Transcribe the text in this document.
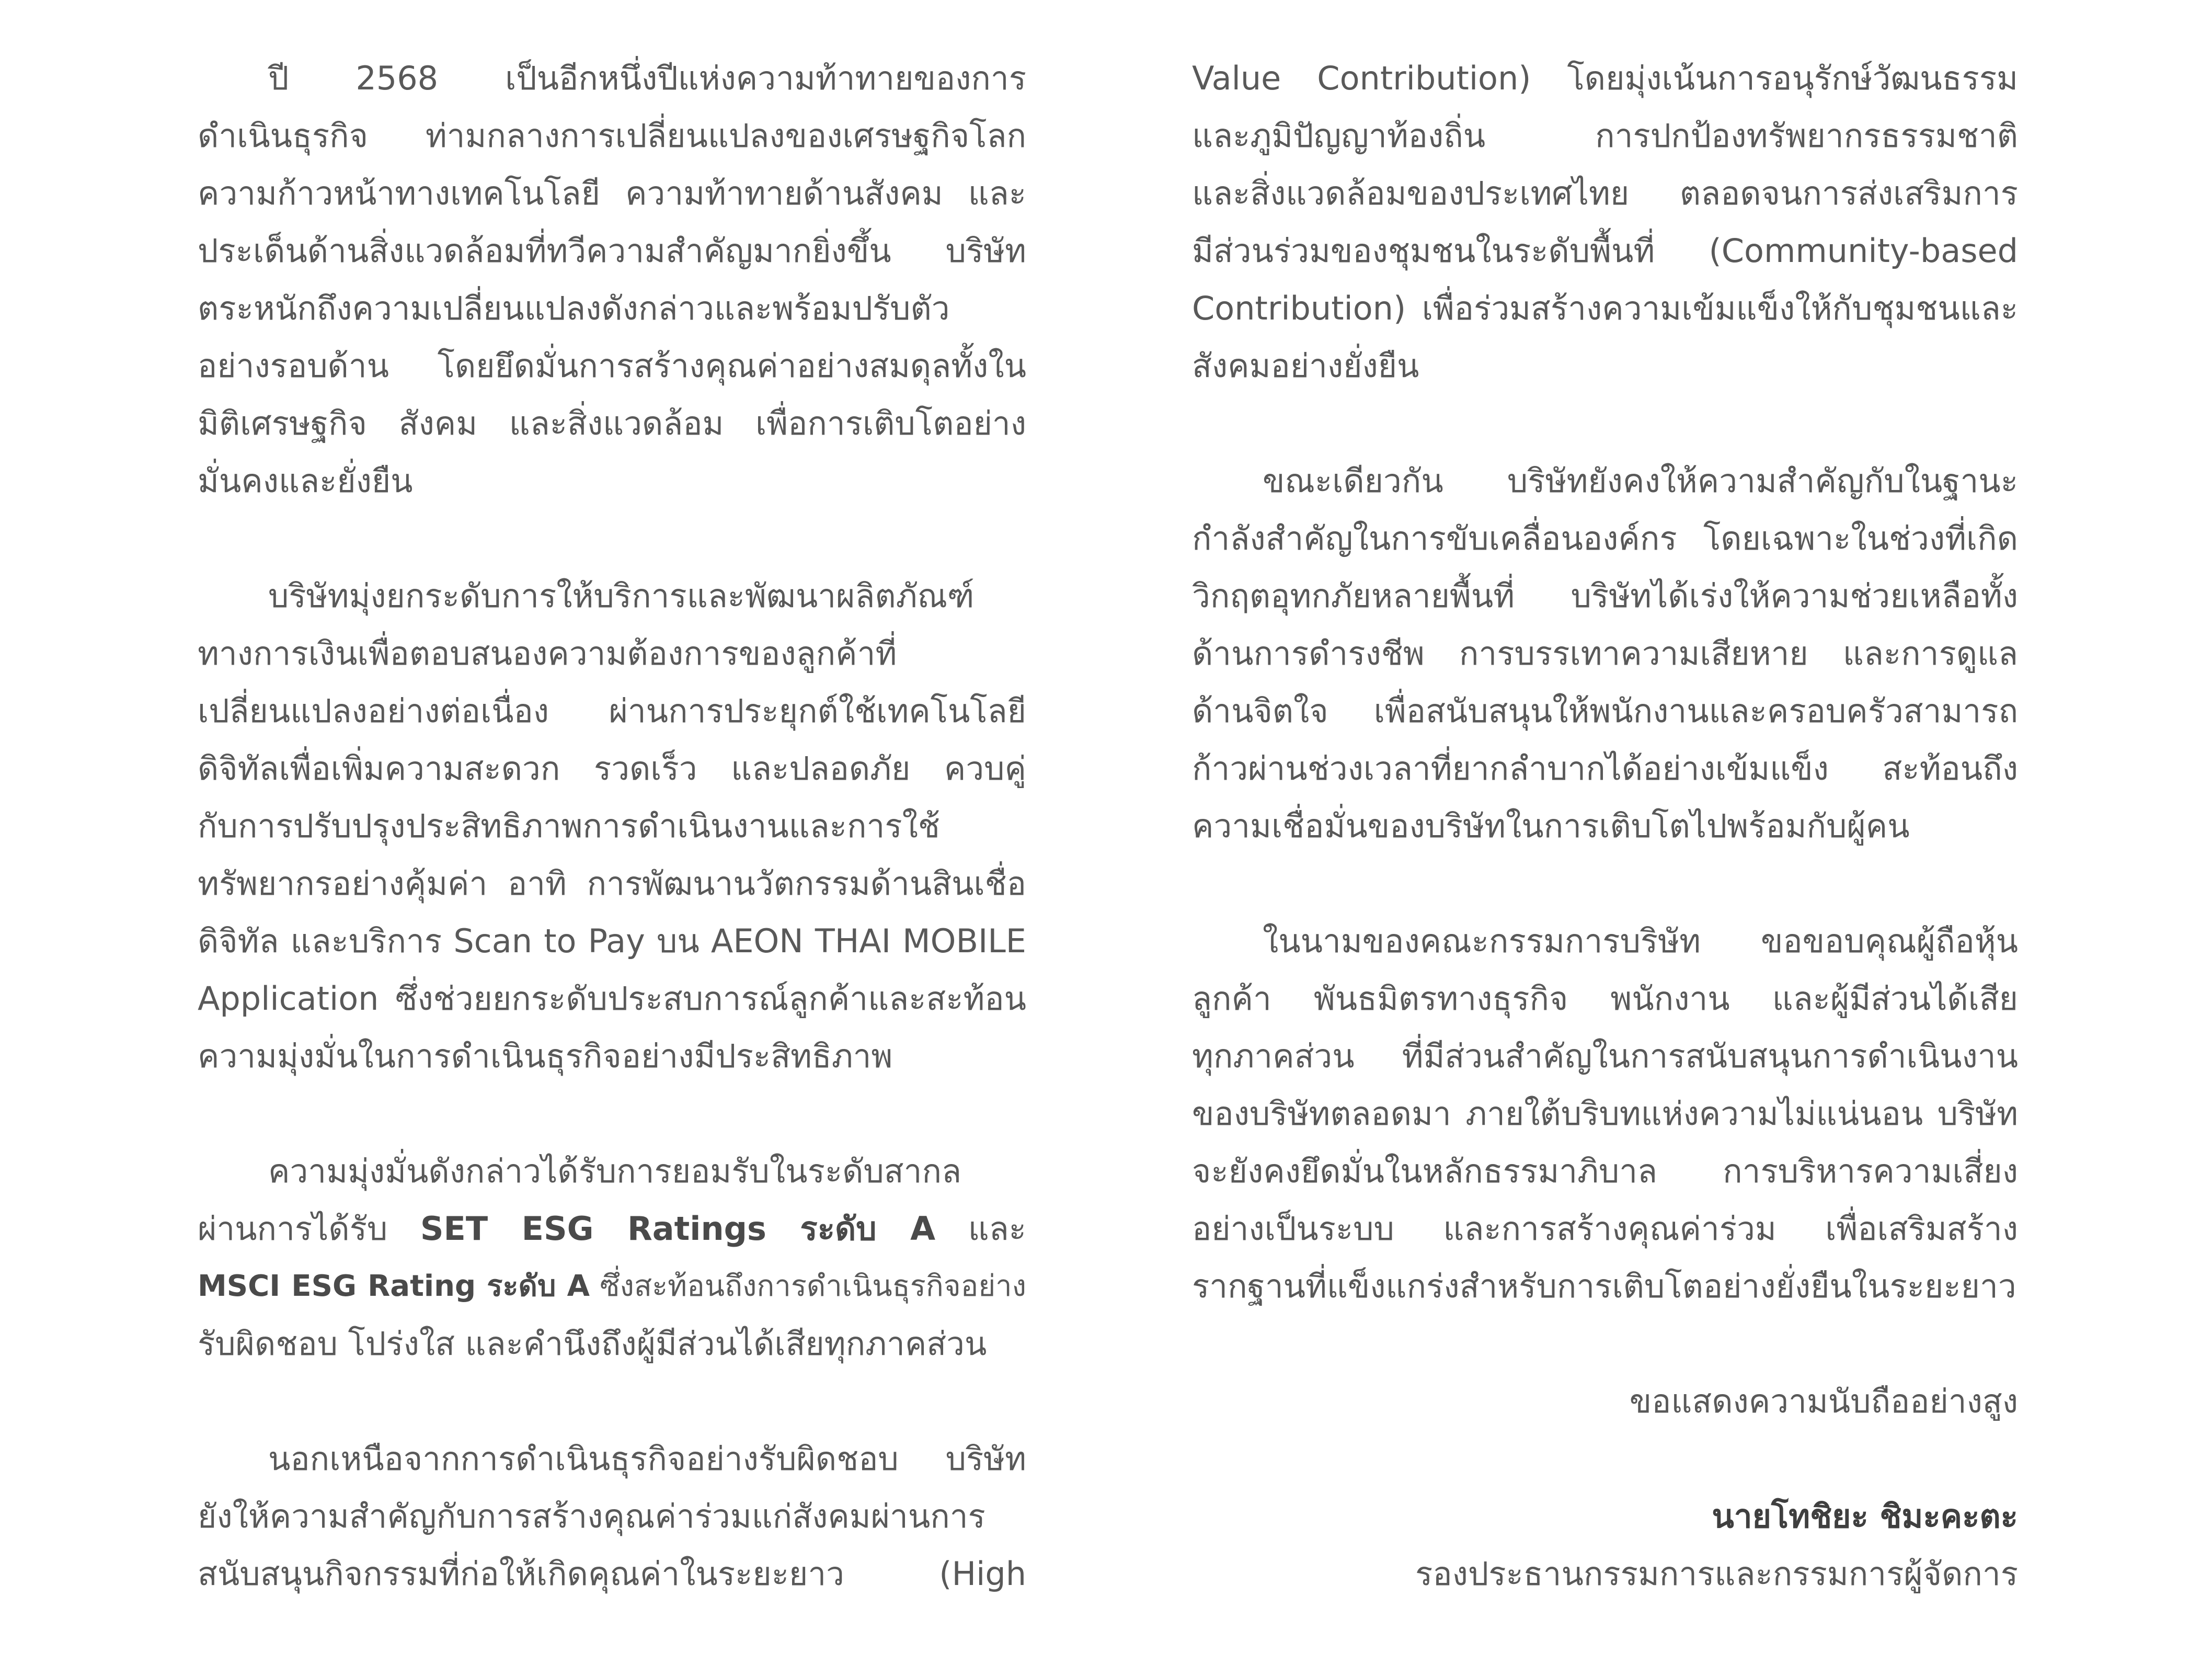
ปี 2568 เป็นอีกหนึ่งปีแห่งความท้าทายของการ
ดำเนินธุรกิจ ท่ามกลางการเปลี่ยนแปลงของเศรษฐกิจโลก
ความก้าวหน้าทางเทคโนโลยี ความท้าทายด้านสังคม และ
ประเด็นด้านสิ่งแวดล้อมที่ทวีความสำคัญมากยิ่งขึ้น บริษัท
ตระหนักถึงความเปลี่ยนแปลงดังกล่าวและพร้อมปรับตัว
อย่างรอบด้าน โดยยึดมั่นการสร้างคุณค่าอย่างสมดุลทั้งใน
มิติเศรษฐกิจ สังคม และสิ่งแวดล้อม เพื่อการเติบโตอย่าง
มั่นคงและยั่งยืน
บริษัทมุ่งยกระดับการให้บริการและพัฒนาผลิตภัณฑ์
ทางการเงินเพื่อตอบสนองความต้องการของลูกค้าที่
เปลี่ยนแปลงอย่างต่อเนื่อง ผ่านการประยุกต์ใช้เทคโนโลยี
ดิจิทัลเพื่อเพิ่มความสะดวก รวดเร็ว และปลอดภัย ควบคู่
กับการปรับปรุงประสิทธิภาพการดำเนินงานและการใช้
ทรัพยากรอย่างคุ้มค่า อาทิ การพัฒนานวัตกรรมด้านสินเชื่อ
ดิจิทัล และบริการ Scan to Pay บน AEON THAI MOBILE
Application ซึ่งช่วยยกระดับประสบการณ์ลูกค้าและสะท้อน
ความมุ่งมั่นในการดำเนินธุรกิจอย่างมีประสิทธิภาพ
ความมุ่งมั่นดังกล่าวได้รับการยอมรับในระดับสากล
ผ่านการได้รับ SET ESG Ratings ระดับ A และ
MSCI ESG Rating ระดับ A ซึ่งสะท้อนถึงการดำเนินธุรกิจอย่าง
รับผิดชอบ โปร่งใส และคำนึงถึงผู้มีส่วนได้เสียทุกภาคส่วน
นอกเหนือจากการดำเนินธุรกิจอย่างรับผิดชอบ บริษัท
ยังให้ความสำคัญกับการสร้างคุณค่าร่วมแก่สังคมผ่านการ
สนับสนุนกิจกรรมที่ก่อให้เกิดคุณค่าในระยะยาว (High
Value Contribution) โดยมุ่งเน้นการอนุรักษ์วัฒนธรรม
และภูมิปัญญาท้องถิ่น การปกป้องทรัพยากรธรรมชาติ
และสิ่งแวดล้อมของประเทศไทย ตลอดจนการส่งเสริมการ
มีส่วนร่วมของชุมชนในระดับพื้นที่ (Community-based
Contribution) เพื่อร่วมสร้างความเข้มแข็งให้กับชุมชนและ
สังคมอย่างยั่งยืน
ขณะเดียวกัน บริษัทยังคงให้ความสำคัญกับในฐานะ
กำลังสำคัญในการขับเคลื่อนองค์กร โดยเฉพาะในช่วงที่เกิด
วิกฤตอุทกภัยหลายพื้นที่ บริษัทได้เร่งให้ความช่วยเหลือทั้ง
ด้านการดำรงชีพ การบรรเทาความเสียหาย และการดูแล
ด้านจิตใจ เพื่อสนับสนุนให้พนักงานและครอบครัวสามารถ
ก้าวผ่านช่วงเวลาที่ยากลำบากได้อย่างเข้มแข็ง สะท้อนถึง
ความเชื่อมั่นของบริษัทในการเติบโตไปพร้อมกับผู้คน
ในนามของคณะกรรมการบริษัท ขอขอบคุณผู้ถือหุ้น
ลูกค้า พันธมิตรทางธุรกิจ พนักงาน และผู้มีส่วนได้เสีย
ทุกภาคส่วน ที่มีส่วนสำคัญในการสนับสนุนการดำเนินงาน
ของบริษัทตลอดมา ภายใต้บริบทแห่งความไม่แน่นอน บริษัท
จะยังคงยึดมั่นในหลักธรรมาภิบาล การบริหารความเสี่ยง
อย่างเป็นระบบ และการสร้างคุณค่าร่วม เพื่อเสริมสร้าง
รากฐานที่แข็งแกร่งสำหรับการเติบโตอย่างยั่งยืนในระยะยาว

ขอแสดงความนับถืออย่างสูง

นายโทชิยะ ชิมะคะตะ

รองประธานกรรมการและกรรมการผู้จัดการ
